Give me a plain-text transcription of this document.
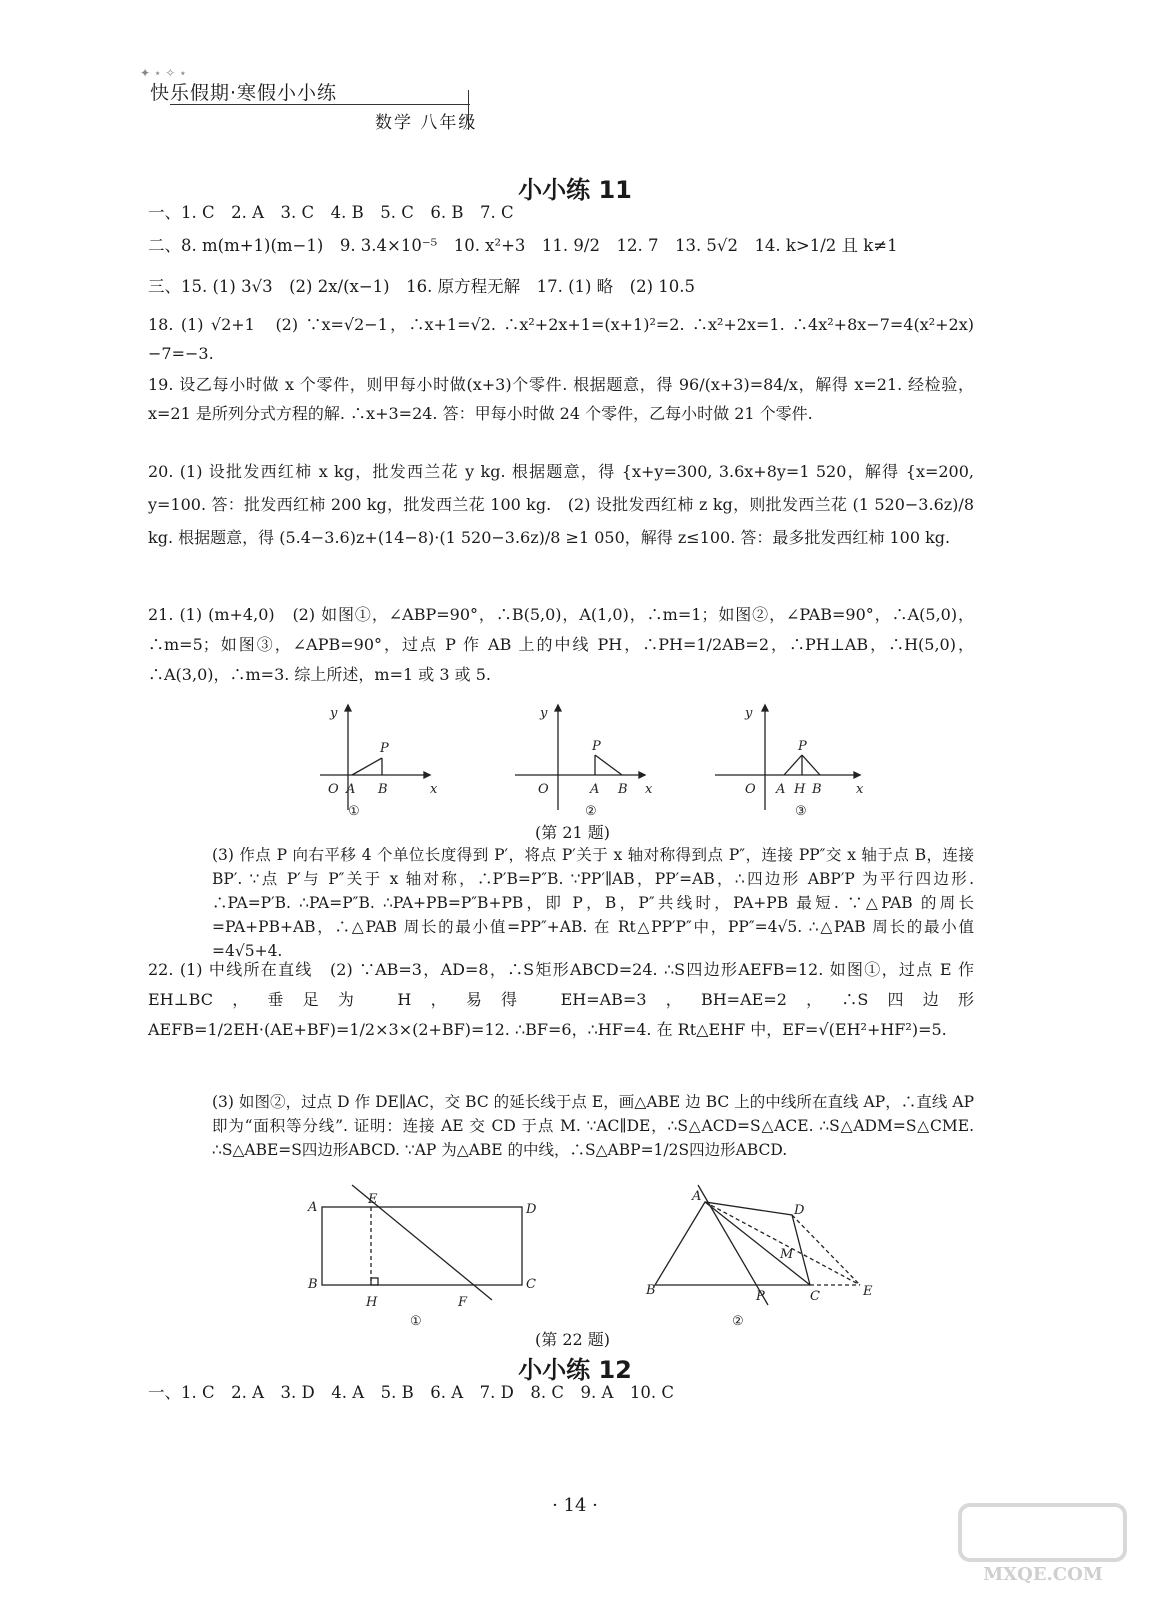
✦ ⋆ ✧ ⋆
快乐假期·寒假小小练
数学 八年级
小小练 11
一、1. C　2. A　3. C　4. B　5. C　6. B　7. C
二、8. m(m+1)(m−1)　9. 3.4×10⁻⁵　10. x²+3　11. 9/2　12. 7　13. 5√2　14. k>1/2 且 k≠1
三、15. (1) 3√3　(2) 2x/(x−1)　16. 原方程无解　17. (1) 略　(2) 10.5
18. (1) √2+1　(2) ∵x=√2−1，∴x+1=√2. ∴x²+2x+1=(x+1)²=2. ∴x²+2x=1. ∴4x²+8x−7=4(x²+2x)−7=−3.
19. 设乙每小时做 x 个零件，则甲每小时做(x+3)个零件. 根据题意，得 96/(x+3)=84/x，解得 x=21. 经检验，x=21 是所列分式方程的解. ∴x+3=24. 答：甲每小时做 24 个零件，乙每小时做 21 个零件.
20. (1) 设批发西红柿 x kg，批发西兰花 y kg. 根据题意，得 {x+y=300, 3.6x+8y=1 520，解得 {x=200, y=100. 答：批发西红柿 200 kg，批发西兰花 100 kg.　(2) 设批发西红柿 z kg，则批发西兰花 (1 520−3.6z)/8 kg. 根据题意，得 (5.4−3.6)z+(14−8)·(1 520−3.6z)/8 ≥1 050，解得 z≤100. 答：最多批发西红柿 100 kg.
21. (1) (m+4,0)　(2) 如图①，∠ABP=90°，∴B(5,0)，A(1,0)，∴m=1；如图②，∠PAB=90°，∴A(5,0)，∴m=5；如图③，∠APB=90°，过点 P 作 AB 上的中线 PH，∴PH=1/2AB=2，∴PH⊥AB，∴H(5,0)，∴A(3,0)，∴m=3. 综上所述，m=1 或 3 或 5.
y
P
O A B	x
①
y
P
O	A B x
②
y
P
O A H B	x
③
(第 21 题)
(3) 作点 P 向右平移 4 个单位长度得到 P′，将点 P′关于 x 轴对称得到点 P″，连接 PP″交 x 轴于点 B，连接 BP′. ∵点 P′与 P″关于 x 轴对称，∴P′B=P″B. ∵PP′∥AB，PP′=AB，∴四边形 ABP′P 为平行四边形. ∴PA=P′B. ∴PA=P″B. ∴PA+PB=P″B+PB，即 P，B，P″共线时，PA+PB 最短. ∵△PAB 的周长=PA+PB+AB，∴△PAB 周长的最小值=PP″+AB. 在 Rt△PP′P″中，PP″=4√5. ∴△PAB 周长的最小值=4√5+4.
22. (1) 中线所在直线　(2) ∵AB=3，AD=8，∴S矩形ABCD=24. ∴S四边形AEFB=12. 如图①，过点 E 作 EH⊥BC，垂足为 H，易得 EH=AB=3，BH=AE=2，∴S四边形AEFB=1/2EH·(AE+BF)=1/2×3×(2+BF)=12. ∴BF=6，∴HF=4. 在 Rt△EHF 中，EF=√(EH²+HF²)=5.
(3) 如图②，过点 D 作 DE∥AC，交 BC 的延长线于点 E，画△ABE 边 BC 上的中线所在直线 AP，∴直线 AP 即为“面积等分线”. 证明：连接 AE 交 CD 于点 M. ∵AC∥DE，∴S△ACD=S△ACE. ∴S△ADM=S△CME. ∴S△ABE=S四边形ABCD. ∵AP 为△ABE 的中线，∴S△ABP=1/2S四边形ABCD.
A
E
D
B
H	F
C
①
A
D
M
B	P	C	E
②
(第 22 题)
小小练 12
一、1. C　2. A　3. D　4. A　5. B　6. A　7. D　8. C　9. A　10. C
· 14 ·
MXQE.COM
